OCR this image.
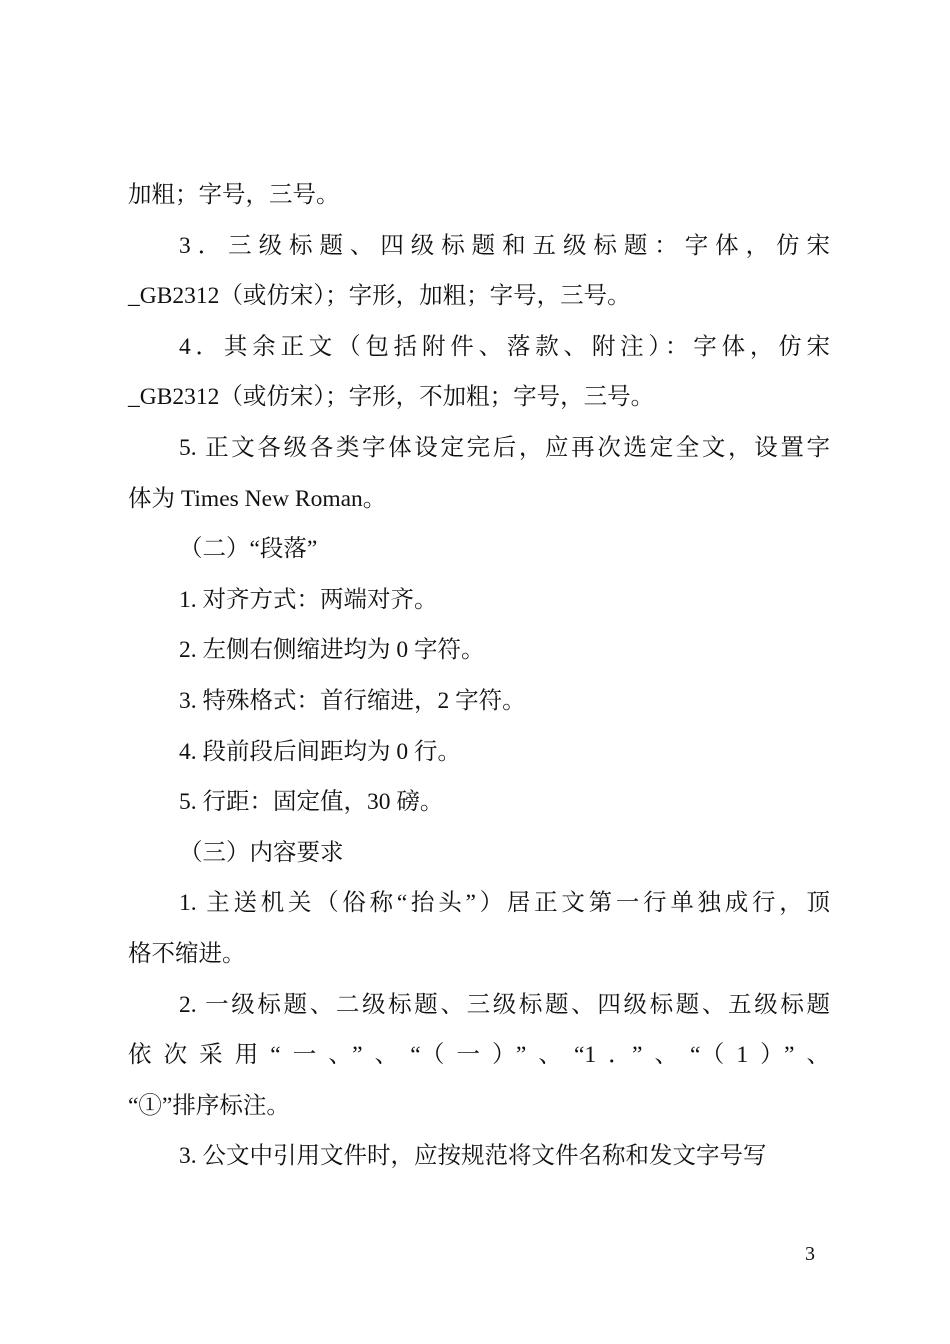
加粗；字号，三号。

3．三级标题、四级标题和五级标题：字体，仿宋
_GB2312（或仿宋）；字形，加粗；字号，三号。

4．其余正文（包括附件、落款、附注）：字体，仿宋
_GB2312（或仿宋）；字形，不加粗；字号，三号。

5. 正文各级各类字体设定完后，应再次选定全文，设置字
体为 Times New Roman。

（二）“段落”

1. 对齐方式：两端对齐。

2. 左侧右侧缩进均为 0 字符。

3. 特殊格式：首行缩进，2 字符。

4. 段前段后间距均为 0 行。

5. 行距：固定值，30 磅。

（三）内容要求

1. 主送机关（俗称“抬头”）居正文第一行单独成行，顶
格不缩进。

2. 一级标题、二级标题、三级标题、四级标题、五级标题
依次采用“一、”、“（一）”、“1．”、“（1）”、
“①”排序标注。

3. 公文中引用文件时，应按规范将文件名称和发文字号写

3
